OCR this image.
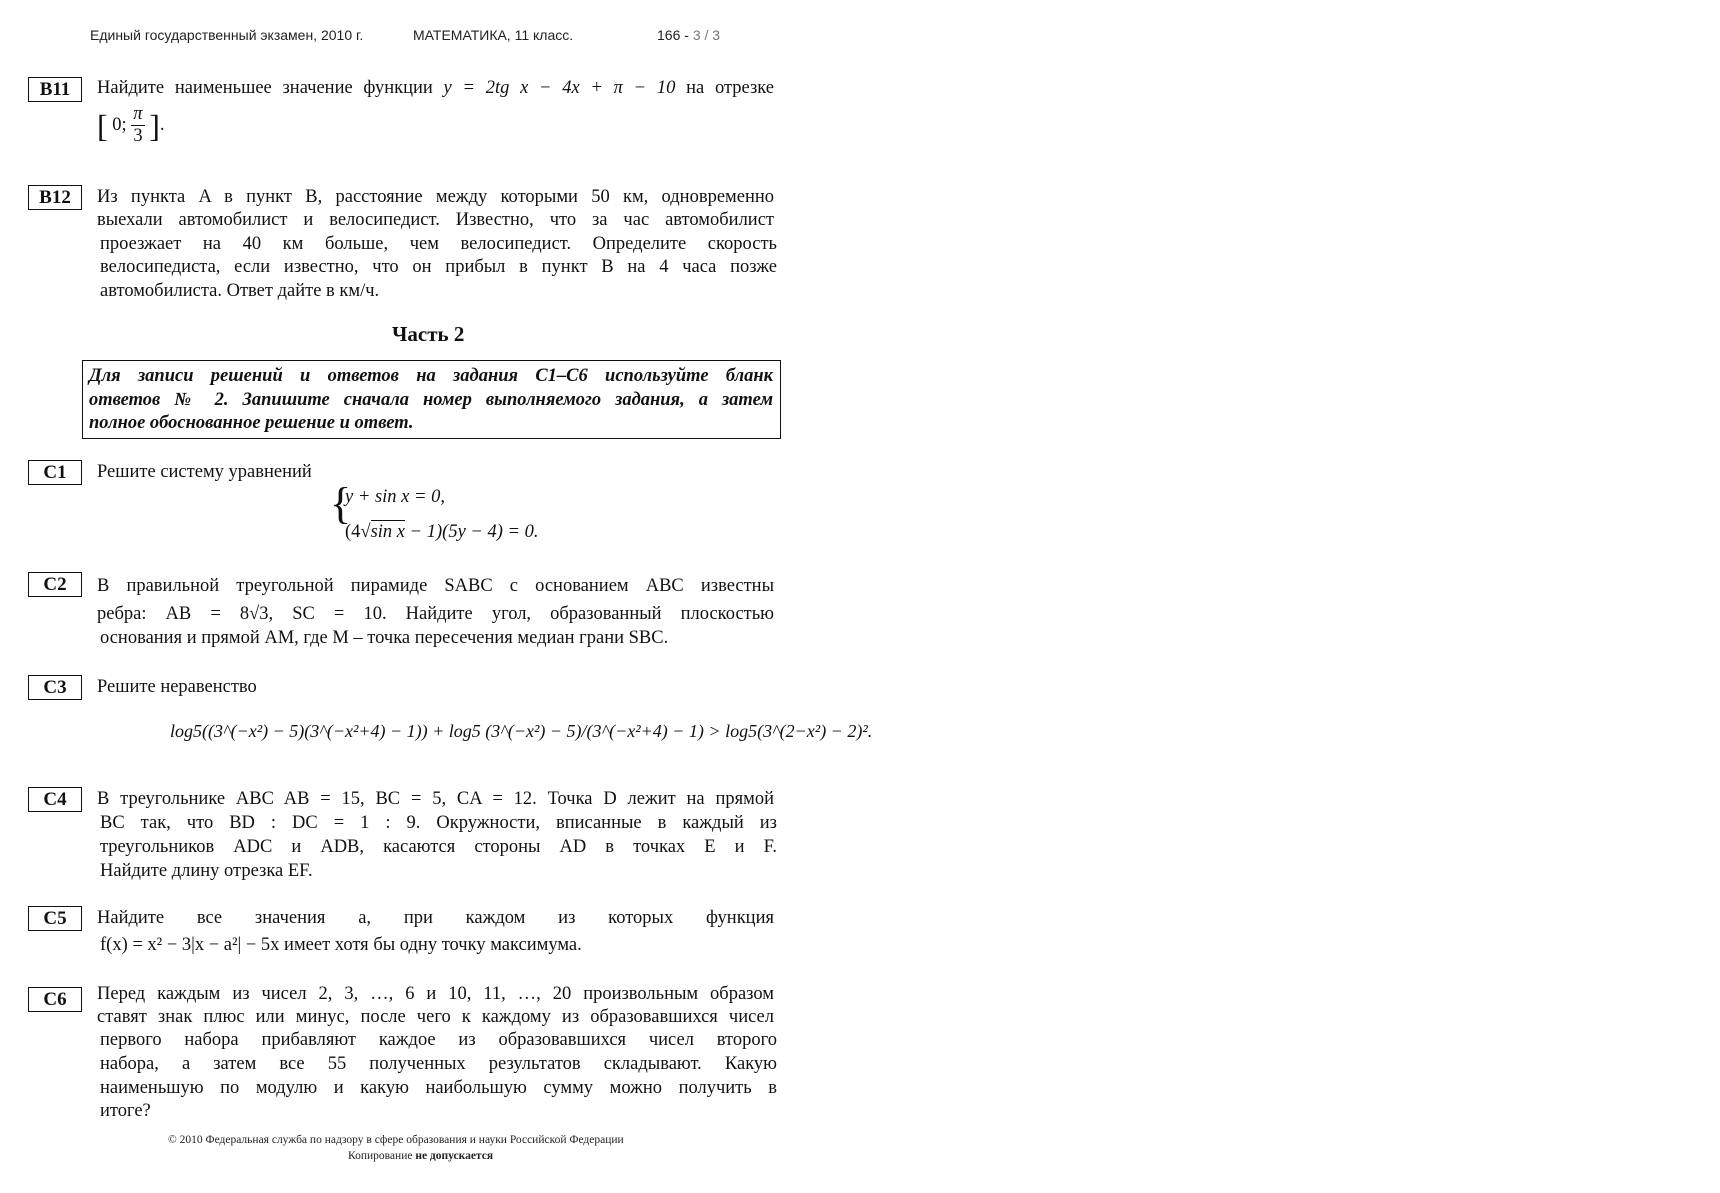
Единый государственный экзамен, 2010 г.	МАТЕМАТИКА, 11 класс.	166 - 3 / 3
B11	Найдите наименьшее значение функции y = 2tg x − 4x + π − 10 на отрезке
[ 0; $\frac{\pi}{3}$ ].
B12	Из пункта A в пункт B, расстояние между которыми 50 км, одновременно
выехали автомобилист и велосипедист. Известно, что за час автомобилист
проезжает на 40 км больше, чем велосипедист. Определите скорость
велосипедиста, если известно, что он прибыл в пункт B на 4 часа позже
автомобилиста. Ответ дайте в км/ч.
Часть 2
Для записи решений и ответов на задания C1–C6 используйте бланк
ответов № 2. Запишите сначала номер выполняемого задания, а затем
полное обоснованное решение и ответ.
C1	Решите систему уравнений
{
y + sin x = 0,
(4√sin x − 1)(5y − 4) = 0.
C2	В правильной треугольной пирамиде SABC с основанием ABC известны
ребра: AB = 8√3, SC = 10. Найдите угол, образованный плоскостью
основания и прямой AM, где M – точка пересечения медиан грани SBC.
C3	Решите неравенство
log5((3^(−x²) − 5)(3^(−x²+4) − 1)) + log5 (3^(−x²) − 5)/(3^(−x²+4) − 1) > log5(3^(2−x²) − 2)².
C4	В треугольнике ABC AB = 15, BC = 5, CA = 12. Точка D лежит на прямой
BC так, что BD : DC = 1 : 9. Окружности, вписанные в каждый из
треугольников ADC и ADB, касаются стороны AD в точках E и F.
Найдите длину отрезка EF.
C5	Найдите все значения a, при каждом из которых функция
f(x) = x² − 3|x − a²| − 5x имеет хотя бы одну точку максимума.
C6	Перед каждым из чисел 2, 3, …, 6 и 10, 11, …, 20 произвольным образом
ставят знак плюс или минус, после чего к каждому из образовавшихся чисел
первого набора прибавляют каждое из образовавшихся чисел второго
набора, а затем все 55 полученных результатов складывают. Какую
наименьшую по модулю и какую наибольшую сумму можно получить в
итоге?
© 2010 Федеральная служба по надзору в сфере образования и науки Российской Федерации
Копирование не допускается
